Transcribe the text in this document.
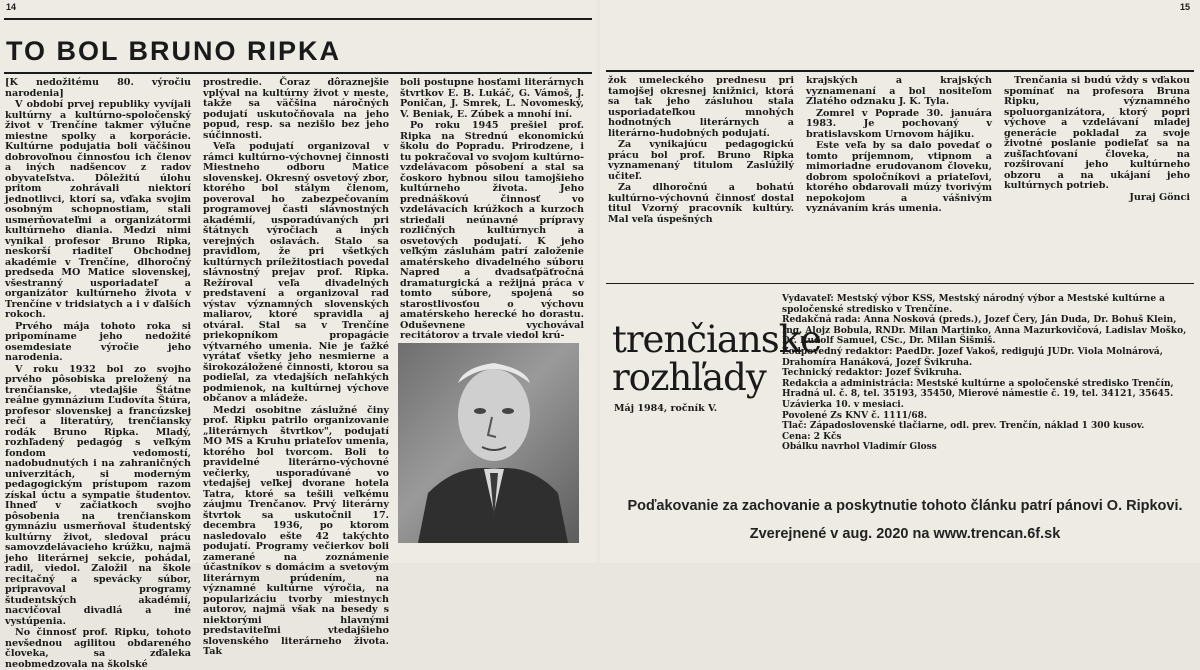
14
TO BOL BRUNO RIPKA

[K nedožitému 80. výročiu narodenia]

V období prvej republiky vyvíjali kultúrny a kultúrno-spoločenský život v Trenčíne takmer výlučne miestne spolky a korporácie. Kultúrne podujatia boli väčšinou dobrovoľnou činnosťou ich členov a iných nadšencov z radov obyvateľstva. Dôležitú úlohu pritom zohrávali niektorí jednotlivci, ktorí sa, vďaka svojim osobným schopnostiam, stali usmerňovateľmi a organizátormi kultúrneho diania. Medzi nimi vynikal profesor Bruno Ripka, neskorší riaditeľ Obchodnej akadémie v Trenčíne, dlhoročný predseda MO Matice slovenskej, všestranný usporiadateľ a organizátor kultúrneho života v Trenčíne v tridsiatych a i v ďalších rokoch.

Prvého mája tohoto roka si pripomíname jeho nedožité osemdesiate výročie jeho narodenia.

V roku 1932 bol zo svojho prvého pôsobiska preložený na trenčianske, vtedajšie Štátne reálne gymnázium Ľudovíta Štúra, profesor slovenskej a francúzskej reči a literatúry, trenčiansky rodák Bruno Ripka. Mladý, rozhľadený pedagóg s veľkým fondom vedomostí, nadobudnutých i na zahraničných univerzitách, si moderným pedagogickým prístupom razom získal úctu a sympatie študentov. Ihneď v začiatkoch svojho pôsobenia na trenčianskom gymnáziu usmerňoval študentský kultúrny život, sledoval prácu samovzdelávacieho krúžku, najmä jeho literárnej sekcie, pohádal, radil, viedol. Založil na škole recitačný a spevácky súbor, pripravoval programy študentských akadémií, nacvičoval divadlá a iné vystúpenia.

No činnosť prof. Ripku, tohoto nevšednou agilitou obdareného človeka, sa zďaleka neobmedzovala na školské

prostredie. Čoraz dôraznejšie vplýval na kultúrny život v meste, takže sa väčšina náročných podujatí uskutočňovala na jeho popud, resp. sa nezišlo bez jeho súčinnosti.

Veľa podujatí organizoval v rámci kultúrno-výchovnej činnosti Miestneho odboru Matice slovenskej. Okresný osvetový zbor, ktorého bol stálym členom, poveroval ho zabezpečovaním programovej časti slávnostných akadémií, usporadúvaných pri štátnych výročiach a iných verejných oslavách. Stalo sa pravidlom, že pri všetkých kultúrnych príležitostiach povedal slávnostný prejav prof. Ripka. Režíroval veľa divadelných predstavení a organizoval rad výstav významných slovenských maliarov, ktoré spravidla aj otváral. Stal sa v Trenčíne priekopníkom propagácie výtvarného umenia. Nie je ťažké vyrátať všetky jeho nesmierne a širokozáložené činnosti, ktorou sa podieľal, za vtedajších neľahkých podmienok, na kultúrnej výchove občanov a mládeže.

Medzi osobitne záslužné činy prof. Ripku patrilo organizovanie „literárnych štvrtkov", podujatí MO MS a Kruhu priateľov umenia, ktorého bol tvorcom. Boli to pravidelné literárno-výchovné večierky, usporadúvané vo vtedajšej veľkej dvorane hotela Tatra, ktoré sa tešili veľkému záujmu Trenčanov. Prvý literárny štvrtok sa uskutočnil 17. decembra 1936, po ktorom nasledovalo ešte 42 takýchto podujatí. Programy večierkov boli zamerané na zoznámenie účastníkov s domácim a svetovým literárnym prúdením, na významné kultúrne výročia, na popularizáciu tvorby miestnych autorov, najmä však na besedy s niektorými hlavnými predstaviteľmi vtedajšieho slovenského literárneho života. Tak

boli postupne hosťami literárnych štvrtkov E. B. Lukáč, G. Vámoš, J. Poničan, J. Smrek, L. Novomeský, V. Beniak, E. Zúbek a mnohí iní.

Po roku 1945 prešiel prof. Ripka na Strednú ekonomickú školu do Popradu. Prirodzene, i tu pokračoval vo svojom kultúrno-vzdelávacom pôsobení a stal sa čoskoro hybnou silou tamojšieho kultúrneho života. Jeho prednáškovú činnosť vo vzdelávacích krúžkoch a kurzoch striedali neúnavné prípravy rozličných kultúrnych a osvetových podujatí. K jeho veľkým zásluhám patrí založenie amatérskeho divadelného súboru Napred a dvadsaťpäťročná dramaturgická a režijná práca v tomto súbore, spojená so starostlivosťou o výchovu amatérskeho herecké ho dorastu. Oduševnene vychovával recitátorov a trvale viedol krú-

15

žok umeleckého prednesu pri tamojšej okresnej knižnici, ktorá sa tak jeho zásluhou stala usporiadateľkou mnohých hodnotných literárnych a literárno-hudobných podujatí.

Za vynikajúcu pedagogickú prácu bol prof. Bruno Ripka vyznamenaný titulom Zaslúžilý učiteľ.

Za dlhoročnú a bohatú kultúrno-výchovnú činnosť dostal titul Vzorný pracovník kultúry. Mal veľa úspešných

krajských a krajských vyznamenaní a bol nositeľom Zlatého odznaku J. K. Tyla.

Zomrel v Poprade 30. januára 1983. Je pochovaný v bratislavskom Urnovom hájiku.

Este veľa by sa dalo povedať o tomto príjemnom, vtipnom a mimoriadne erudovanom človeku, dobrom spoločníkovi a priateľovi, ktorého obdarovali múzy tvorivým nepokojom a vášnivým vyznávaním krás umenia.

Trenčania si budú vždy s vďakou spomínať na profesora Bruna Ripku, významného spoluorganizátora, ktorý popri výchove a vzdelávaní mladej generácie pokladal za svoje životné poslanie podieľať sa na zušľachťovaní človeka, na rozširovaní jeho kultúrneho obzoru a na ukájaní jeho kultúrnych potrieb.

Juraj Gönci

trenčianske
rozhľady
Máj 1984, ročník V.
Vydavateľ: Mestský výbor KSS, Mestský národný výbor a Mestské kultúrne a spoločenské stredisko v Trenčíne.
Redakčná rada: Anna Nosková (preds.), Jozef Čery, Ján Duda, Dr. Bohuš Klein, Ing. Alojz Bobula, RNDr. Milan Martinko, Anna Mazurkovičová, Ladislav Moško, Dr. Rudolf Samuel, CSc., Dr. Milan Šišmiš.
Zodpovedný redaktor: PaedDr. Jozef Vakoš, redigujú JUDr. Viola Molnárová, Drahomíra Hanáková, Jozef Švikruha.
Technický redaktor: Jozef Švikruha.
Redakcia a administrácia: Mestské kultúrne a spoločenské stredisko Trenčín, Hradná ul. č. 8, tel. 35193, 35450, Mierové námestie č. 19, tel. 34121, 35645.
Uzávierka 10. v mesiaci.
Povolené Zs KNV č. 1111/68.
Tlač: Západoslovenské tlačiarne, odl. prev. Trenčín, náklad 1 300 kusov.
Cena: 2 Kčs
Obálku navrhol Vladimír Gloss
Poďakovanie za zachovanie a poskytnutie tohoto článku patrí pánovi O. Ripkovi.
Zverejnené v aug. 2020 na www.trencan.6f.sk
